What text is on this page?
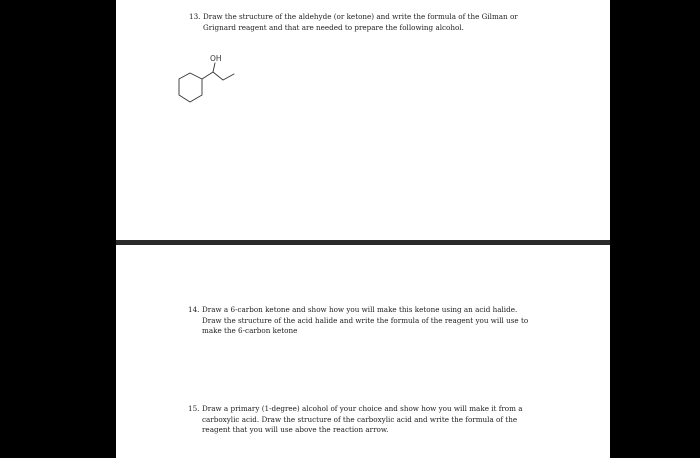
13. Draw the structure of the aldehyde (or ketone) and write the formula of the Gilman or
Grignard reagent and that are needed to prepare the following alcohol.
OH
14. Draw a 6-carbon ketone and show how you will make this ketone using an acid halide.
Draw the structure of the acid halide and write the formula of the reagent you will use to
make the 6-carbon ketone
15. Draw a primary (1-degree) alcohol of your choice and show how you will make it from a
carboxylic acid. Draw the structure of the carboxylic acid and write the formula of the
reagent that you will use above the reaction arrow.
